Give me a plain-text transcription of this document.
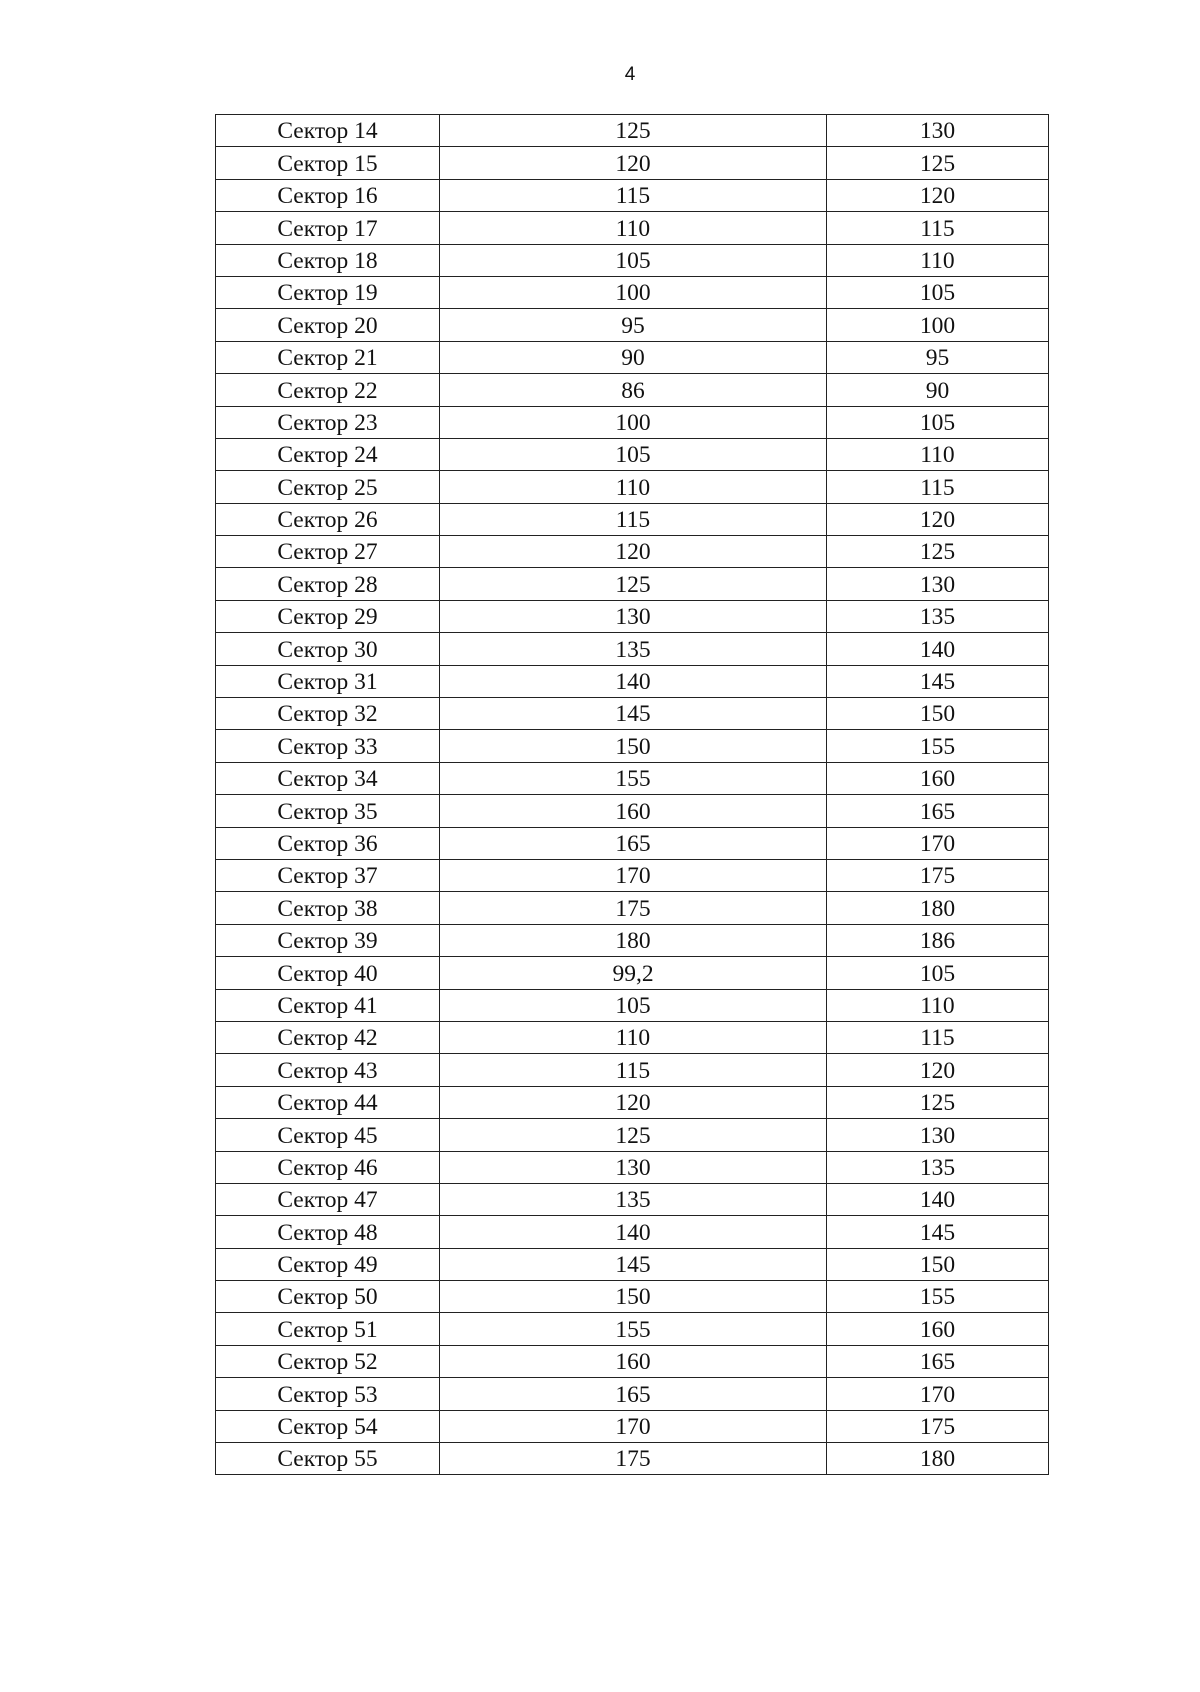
4
Сектор 14	125	130
Сектор 15	120	125
Сектор 16	115	120
Сектор 17	110	115
Сектор 18	105	110
Сектор 19	100	105
Сектор 20	95	100
Сектор 21	90	95
Сектор 22	86	90
Сектор 23	100	105
Сектор 24	105	110
Сектор 25	110	115
Сектор 26	115	120
Сектор 27	120	125
Сектор 28	125	130
Сектор 29	130	135
Сектор 30	135	140
Сектор 31	140	145
Сектор 32	145	150
Сектор 33	150	155
Сектор 34	155	160
Сектор 35	160	165
Сектор 36	165	170
Сектор 37	170	175
Сектор 38	175	180
Сектор 39	180	186
Сектор 40	99,2	105
Сектор 41	105	110
Сектор 42	110	115
Сектор 43	115	120
Сектор 44	120	125
Сектор 45	125	130
Сектор 46	130	135
Сектор 47	135	140
Сектор 48	140	145
Сектор 49	145	150
Сектор 50	150	155
Сектор 51	155	160
Сектор 52	160	165
Сектор 53	165	170
Сектор 54	170	175
Сектор 55	175	180
